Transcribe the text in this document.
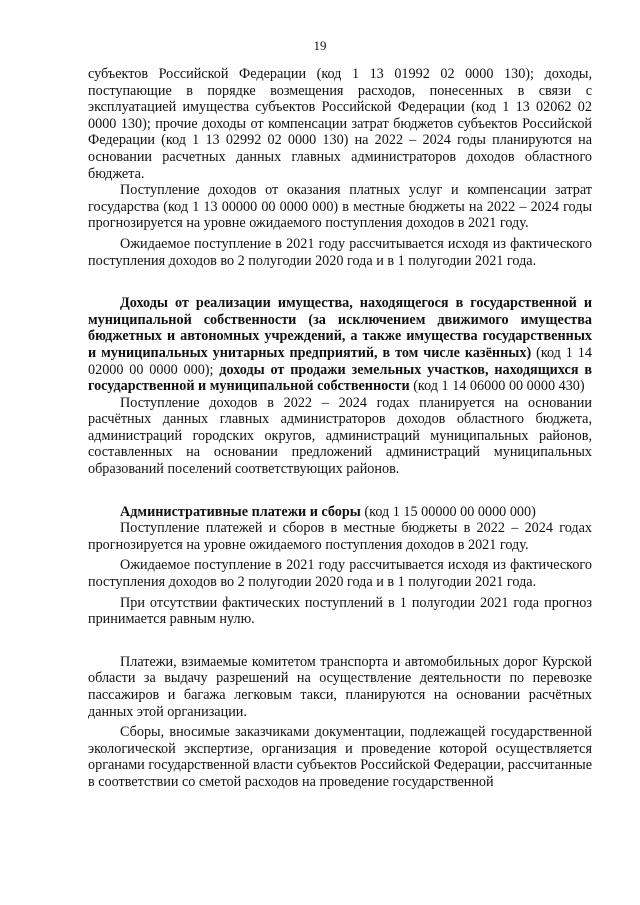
19

субъектов Российской Федерации (код 1 13 01992 02 0000 130); доходы, поступающие в порядке возмещения расходов, понесенных в связи с эксплуатацией имущества субъектов Российской Федерации (код 1 13 02062 02 0000 130); прочие доходы от компенсации затрат бюджетов субъектов Российской Федерации (код 1 13 02992 02 0000 130) на 2022 – 2024 годы планируются на основании расчетных данных главных администраторов доходов областного бюджета.

Поступление доходов от оказания платных услуг и компенсации затрат государства (код 1 13 00000 00 0000 000) в местные бюджеты на 2022 – 2024 годы прогнозируется на уровне ожидаемого поступления доходов в 2021 году.

Ожидаемое поступление в 2021 году рассчитывается исходя из фактического поступления доходов во 2 полугодии 2020 года и в 1 полугодии 2021 года.

Доходы от реализации имущества, находящегося в государственной и муниципальной собственности (за исключением движимого имущества бюджетных и автономных учреждений, а также имущества государственных и муниципальных унитарных предприятий, в том числе казённых) (код 1 14 02000 00 0000 000); доходы от продажи земельных участков, находящихся в государственной и муниципальной собственности (код 1 14 06000 00 0000 430)

Поступление доходов в 2022 – 2024 годах планируется на основании расчётных данных главных администраторов доходов областного бюджета, администраций городских округов, администраций муниципальных районов, составленных на основании предложений администраций муниципальных образований поселений соответствующих районов.

Административные платежи и сборы (код 1 15 00000 00 0000 000)

Поступление платежей и сборов в местные бюджеты в 2022 – 2024 годах прогнозируется на уровне ожидаемого поступления доходов в 2021 году.

Ожидаемое поступление в 2021 году рассчитывается исходя из фактического поступления доходов во 2 полугодии 2020 года и в 1 полугодии 2021 года.

При отсутствии фактических поступлений в 1 полугодии 2021 года прогноз принимается равным нулю.

Платежи, взимаемые комитетом транспорта и автомобильных дорог Курской области за выдачу разрешений на осуществление деятельности по перевозке пассажиров и багажа легковым такси, планируются на основании расчётных данных этой организации.

Сборы, вносимые заказчиками документации, подлежащей государственной экологической экспертизе, организация и проведение которой осуществляется органами государственной власти субъектов Российской Федерации, рассчитанные в соответствии со сметой расходов на проведение государственной
